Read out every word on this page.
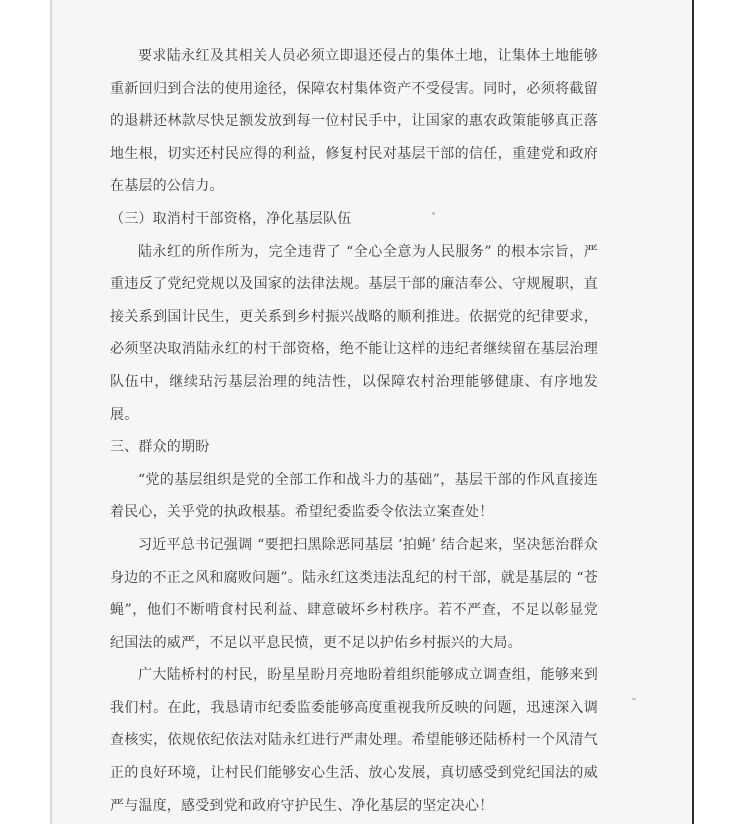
要求陆永红及其相关人员必须立即退还侵占的集体土地，让集体土地能够重新回归到合法的使用途径，保障农村集体资产不受侵害。同时，必须将截留的退耕还林款尽快足额发放到每一位村民手中，让国家的惠农政策能够真正落地生根，切实还村民应得的利益，修复村民对基层干部的信任，重建党和政府在基层的公信力。

（三）取消村干部资格，净化基层队伍

陆永红的所作所为，完全违背了 “全心全意为人民服务” 的根本宗旨，严重违反了党纪党规以及国家的法律法规。基层干部的廉洁奉公、守规履职，直接关系到国计民生，更关系到乡村振兴战略的顺利推进。依据党的纪律要求，必须坚决取消陆永红的村干部资格，绝不能让这样的违纪者继续留在基层治理队伍中，继续玷污基层治理的纯洁性，以保障农村治理能够健康、有序地发展。

三、群众的期盼

“党的基层组织是党的全部工作和战斗力的基础”，基层干部的作风直接连着民心，关乎党的执政根基。希望纪委监委令依法立案查处！

习近平总书记强调 “要把扫黑除恶同基层 ‘拍蝇’ 结合起来，坚决惩治群众身边的不正之风和腐败问题”。陆永红这类违法乱纪的村干部，就是基层的 “苍蝇”，他们不断啃食村民利益、肆意破坏乡村秩序。若不严查，不足以彰显党纪国法的威严，不足以平息民愤，更不足以护佑乡村振兴的大局。

广大陆桥村的村民，盼星星盼月亮地盼着组织能够成立调查组，能够来到我们村。在此，我恳请市纪委监委能够高度重视我所反映的问题，迅速深入调查核实，依规依纪依法对陆永红进行严肃处理。希望能够还陆桥村一个风清气正的良好环境，让村民们能够安心生活、放心发展，真切感受到党纪国法的威严与温度，感受到党和政府守护民生、净化基层的坚定决心！
